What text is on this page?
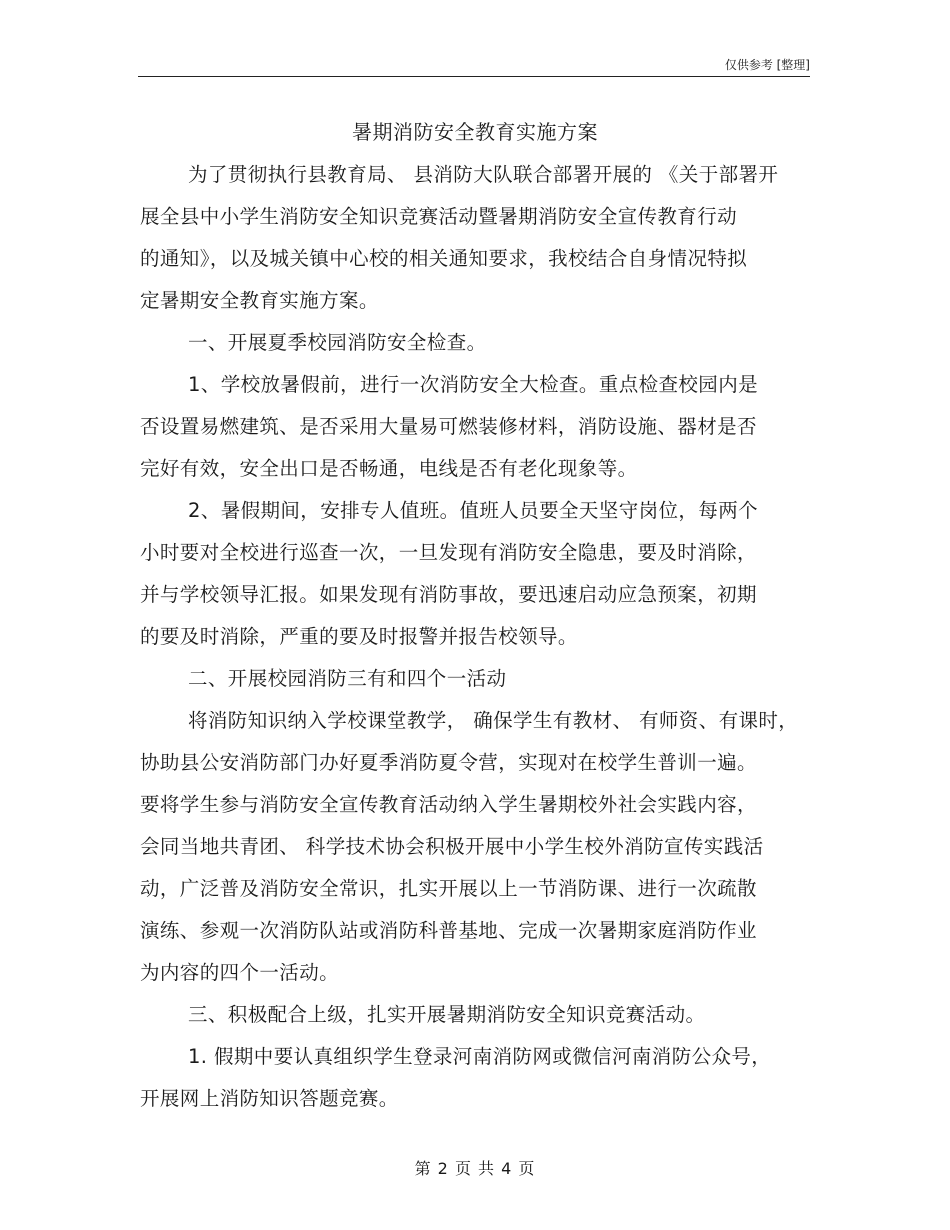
仅供参考 [整理]
暑期消防安全教育实施方案
为了贯彻执行县教育局、 县消防大队联合部署开展的 《关于部署开
展全县中小学生消防安全知识竞赛活动暨暑期消防安全宣传教育行动
的通知》，以及城关镇中心校的相关通知要求，我校结合自身情况特拟
定暑期安全教育实施方案。
一、开展夏季校园消防安全检查。
1、学校放暑假前，进行一次消防安全大检查。重点检查校园内是
否设置易燃建筑、是否采用大量易可燃装修材料，消防设施、器材是否
完好有效，安全出口是否畅通，电线是否有老化现象等。
2、暑假期间，安排专人值班。值班人员要全天坚守岗位，每两个
小时要对全校进行巡查一次，一旦发现有消防安全隐患，要及时消除，
并与学校领导汇报。如果发现有消防事故，要迅速启动应急预案，初期
的要及时消除，严重的要及时报警并报告校领导。
二、开展校园消防三有和四个一活动
将消防知识纳入学校课堂教学， 确保学生有教材、 有师资、有课时，
协助县公安消防部门办好夏季消防夏令营，实现对在校学生普训一遍。
要将学生参与消防安全宣传教育活动纳入学生暑期校外社会实践内容，
会同当地共青团、 科学技术协会积极开展中小学生校外消防宣传实践活
动，广泛普及消防安全常识，扎实开展以上一节消防课、进行一次疏散
演练、参观一次消防队站或消防科普基地、完成一次暑期家庭消防作业
为内容的四个一活动。
三、积极配合上级，扎实开展暑期消防安全知识竞赛活动。
1. 假期中要认真组织学生登录河南消防网或微信河南消防公众号，
开展网上消防知识答题竞赛。
第 2 页 共 4 页
